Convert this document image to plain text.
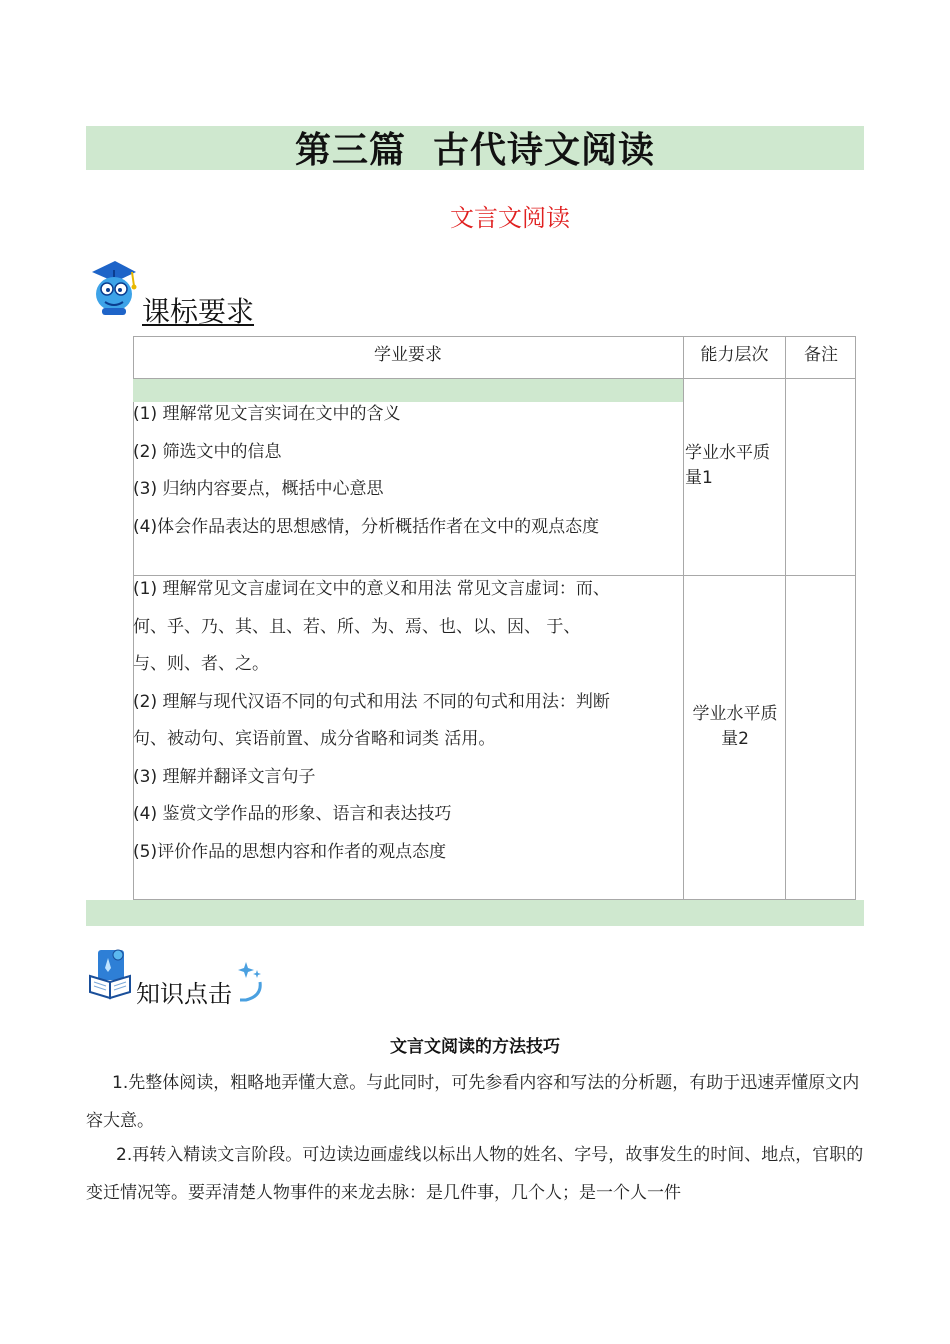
第三篇  古代诗文阅读
文言文阅读
课标要求
学业要求	能力层次	备注
(1) 理解常见文言实词在文中的含义
(2) 筛选文中的信息
(3) 归纳内容要点，概括中心意思
(4)体会作品表达的思想感情，分析概括作者在文中的观点态度
学业水平质量1
(1) 理解常见文言虚词在文中的意义和用法 常见文言虚词：而、
何、乎、乃、其、且、若、所、为、焉、也、以、因、 于、
与、则、者、之。
(2) 理解与现代汉语不同的句式和用法 不同的句式和用法：判断
句、被动句、宾语前置、成分省略和词类 活用。
(3) 理解并翻译文言句子
(4) 鉴赏文学作品的形象、语言和表达技巧
(5)评价作品的思想内容和作者的观点态度
学业水平质量2
知识点击
文言文阅读的方法技巧
1.先整体阅读，粗略地弄懂大意。与此同时，可先参看内容和写法的分析题，有助于迅速弄懂原文内容大意。
2.再转入精读文言阶段。可边读边画虚线以标出人物的姓名、字号，故事发生的时间、地点，官职的变迁情况等。要弄清楚人物事件的来龙去脉：是几件事，几个人；是一个人一件
